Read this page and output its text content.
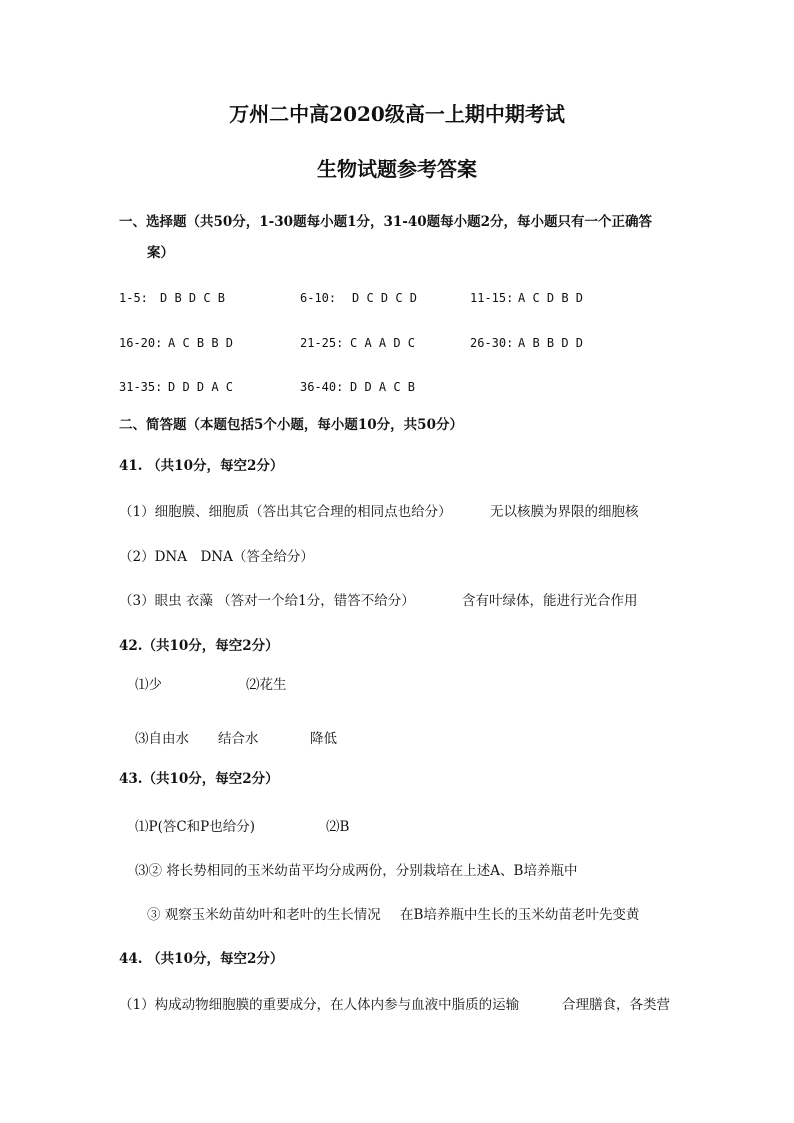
万州二中高2020级高一上期中期考试
生物试题参考答案
一、选择题（共50分，1-30题每小题1分，31-40题每小题2分，每小题只有一个正确答
案）
1-5: D B D C B	6-10: D C D C D	11-15: A C D B D
16-20: A C B B D	21-25: C A A D C	26-30: A B B D D
31-35: D D D A C	36-40: D D A C B
二、简答题（本题包括5个小题，每小题10分，共50分）
41. （共10分，每空2分）
（1）细胞膜、细胞质（答出其它合理的相同点也给分）	无以核膜为界限的细胞核
（2）DNA　DNA（答全给分）
（3）眼虫 衣藻 （答对一个给1分，错答不给分）	含有叶绿体，能进行光合作用
42.（共10分，每空2分）
⑴少	⑵花生
⑶自由水 结合水	降低
43.（共10分，每空2分）
⑴P(答C和P也给分)	⑵B
⑶② 将长势相同的玉米幼苗平均分成两份，分别栽培在上述A、B培养瓶中
③ 观察玉米幼苗幼叶和老叶的生长情况 在B培养瓶中生长的玉米幼苗老叶先变黄
44. （共10分，每空2分）
（1）构成动物细胞膜的重要成分，在人体内参与血液中脂质的运输	合理膳食，各类营
